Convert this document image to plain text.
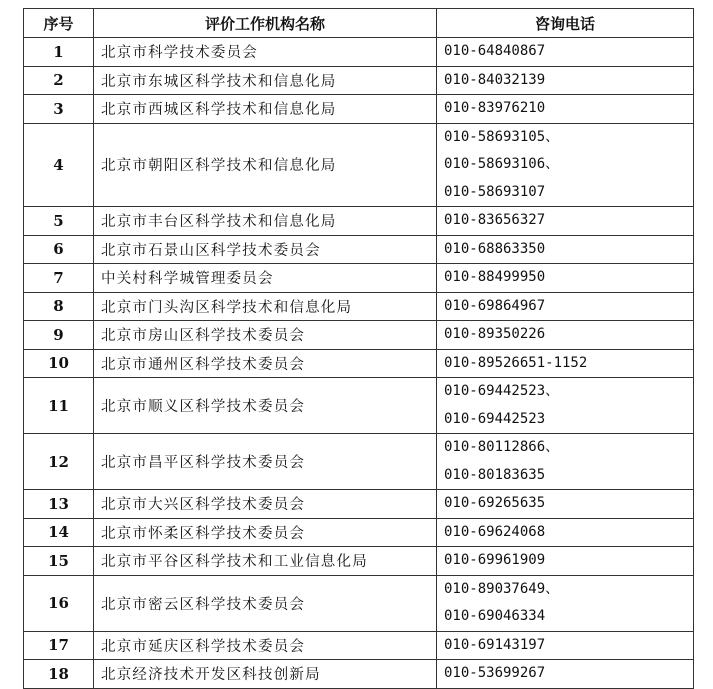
序号	评价工作机构名称	咨询电话
1	北京市科学技术委员会	010-64840867

2	北京市东城区科学技术和信息化局	010-84032139

3	北京市西城区科学技术和信息化局	010-83976210

4	北京市朝阳区科学技术和信息化局	010-58693105、
010-58693106、
010-58693107

5	北京市丰台区科学技术和信息化局	010-83656327

6	北京市石景山区科学技术委员会	010-68863350

7	中关村科学城管理委员会	010-88499950

8	北京市门头沟区科学技术和信息化局	010-69864967

9	北京市房山区科学技术委员会	010-89350226

10	北京市通州区科学技术委员会	010-89526651-1152

11	北京市顺义区科学技术委员会	010-69442523、
010-69442523

12	北京市昌平区科学技术委员会	010-80112866、
010-80183635

13	北京市大兴区科学技术委员会	010-69265635

14	北京市怀柔区科学技术委员会	010-69624068

15	北京市平谷区科学技术和工业信息化局	010-69961909

16	北京市密云区科学技术委员会	010-89037649、
010-69046334

17	北京市延庆区科学技术委员会	010-69143197

18	北京经济技术开发区科技创新局	010-53699267
